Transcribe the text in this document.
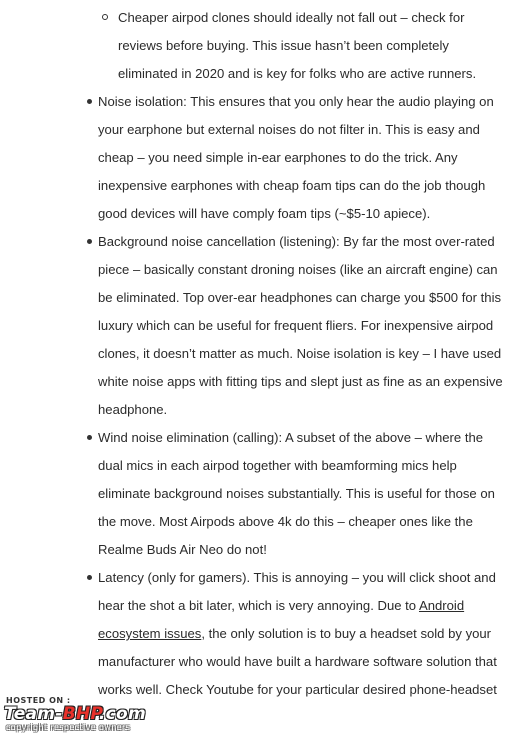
Cheaper airpod clones should ideally not fall out – check for reviews before buying. This issue hasn’t been completely eliminated in 2020 and is key for folks who are active runners.
Noise isolation: This ensures that you only hear the audio playing on your earphone but external noises do not filter in. This is easy and cheap – you need simple in-ear earphones to do the trick. Any inexpensive earphones with cheap foam tips can do the job though good devices will have comply foam tips (~$5-10 apiece).
Background noise cancellation (listening): By far the most over-rated piece – basically constant droning noises (like an aircraft engine) can be eliminated. Top over-ear headphones can charge you $500 for this luxury which can be useful for frequent fliers. For inexpensive airpod clones, it doesn’t matter as much. Noise isolation is key – I have used white noise apps with fitting tips and slept just as fine as an expensive headphone.
Wind noise elimination (calling): A subset of the above – where the dual mics in each airpod together with beamforming mics help eliminate background noises substantially. This is useful for those on the move. Most Airpods above 4k do this – cheaper ones like the Realme Buds Air Neo do not!
Latency (only for gamers). This is annoying – you will click shoot and hear the shot a bit later, which is very annoying. Due to Android ecosystem issues, the only solution is to buy a headset sold by your manufacturer who would have built a hardware software solution that works well. Check Youtube for your particular desired phone-headset
HOSTED ON :
Team-BHP.com
copyright respective owners
